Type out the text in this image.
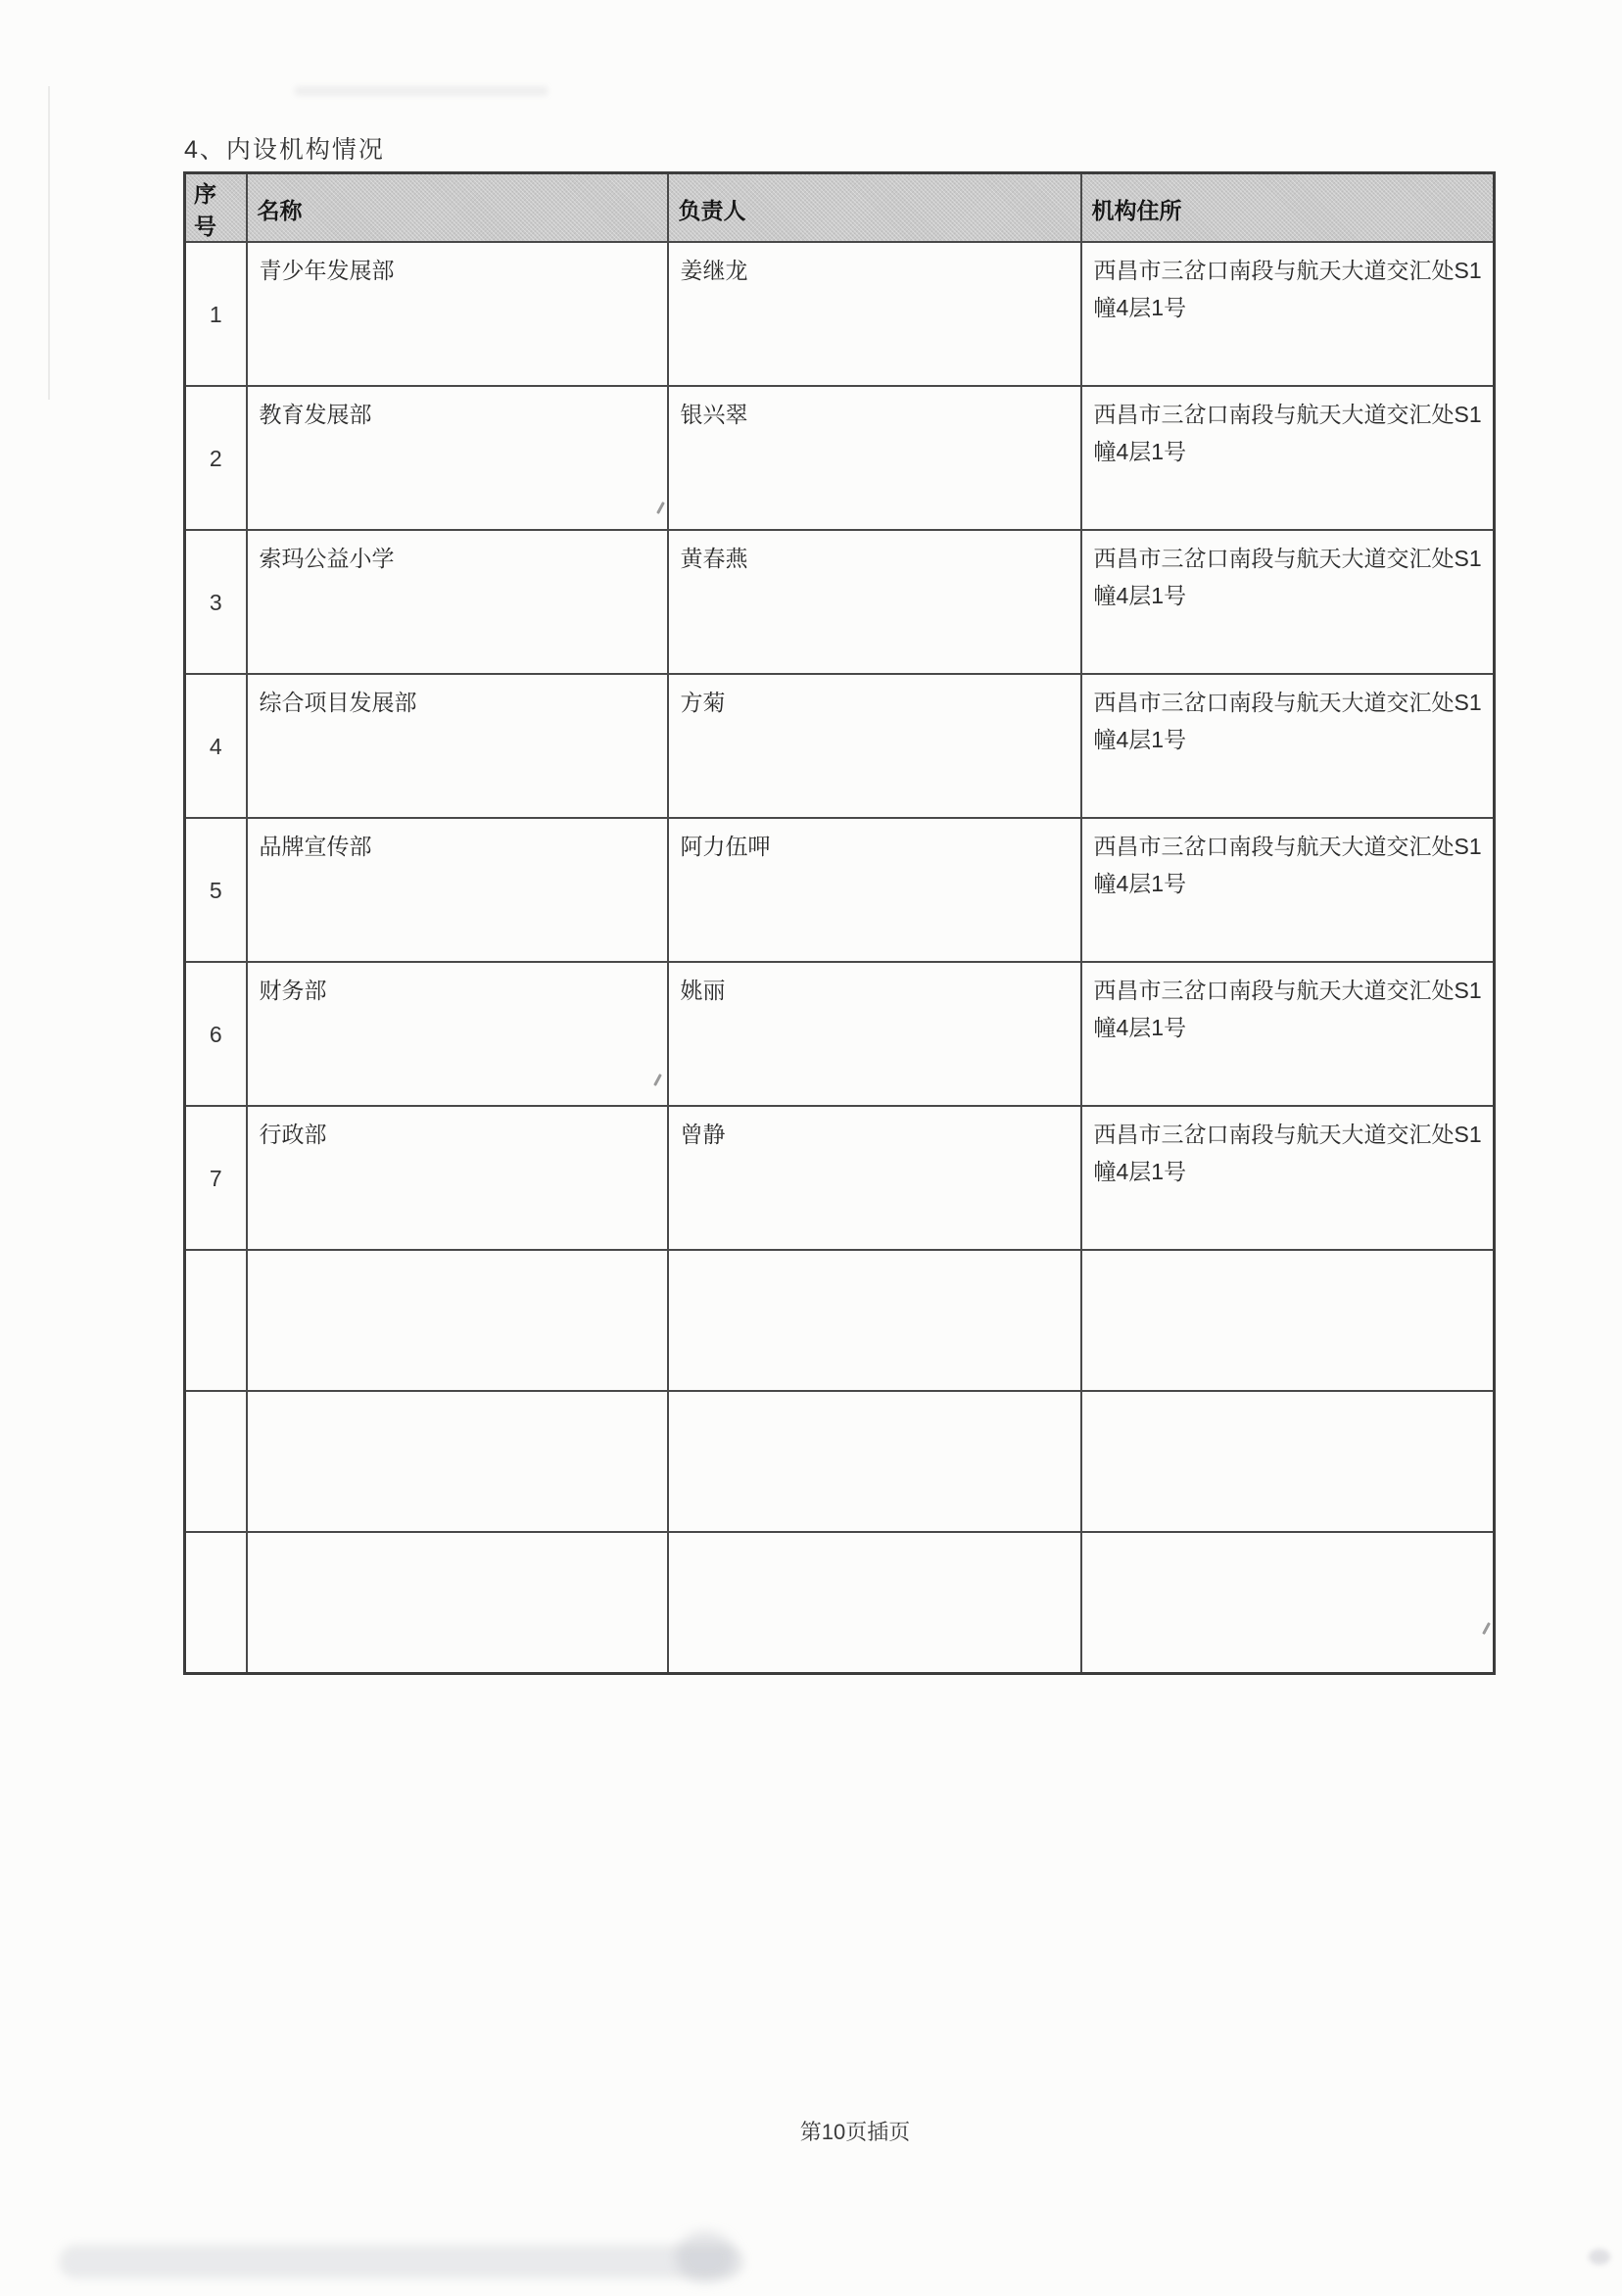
4、内设机构情况
序号	名称	负责人	机构住所
1	青少年发展部	姜继龙	西昌市三岔口南段与航天大道交汇处S1幢4层1号
2	教育发展部	银兴翠	西昌市三岔口南段与航天大道交汇处S1幢4层1号
3	索玛公益小学	黄春燕	西昌市三岔口南段与航天大道交汇处S1幢4层1号
4	综合项目发展部	方菊	西昌市三岔口南段与航天大道交汇处S1幢4层1号
5	品牌宣传部	阿力伍呷	西昌市三岔口南段与航天大道交汇处S1幢4层1号
6	财务部	姚丽	西昌市三岔口南段与航天大道交汇处S1幢4层1号
7	行政部	曾静	西昌市三岔口南段与航天大道交汇处S1幢4层1号

第10页插页
